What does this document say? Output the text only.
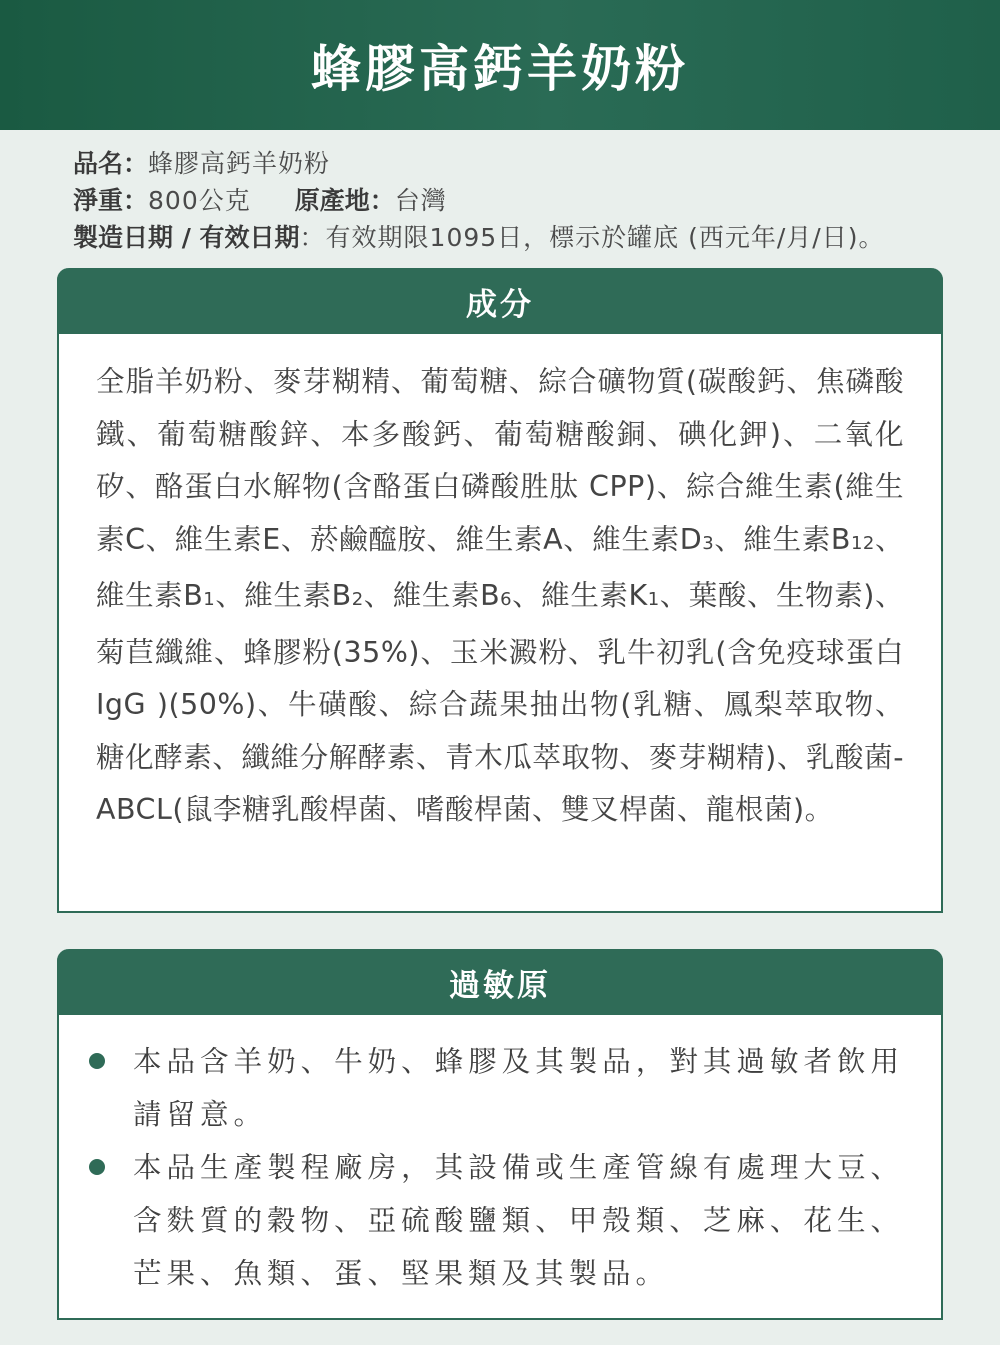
蜂膠高鈣羊奶粉
品名：蜂膠高鈣羊奶粉
淨重：800公克 原產地：台灣
製造日期 / 有效日期：有效期限1095日，標示於罐底 (西元年/月/日)。
成分
全脂羊奶粉、麥芽糊精、葡萄糖、綜合礦物質(碳酸鈣、焦磷酸鐵、葡萄糖酸鋅、本多酸鈣、葡萄糖酸銅、碘化鉀)、二氧化矽、酪蛋白水解物(含酪蛋白磷酸胜肽 CPP)、綜合維生素(維生素C、維生素E、菸鹼醯胺、維生素A、維生素D3、維生素B12、維生素B1、維生素B2、維生素B6、維生素K1、葉酸、生物素)、菊苣纖維、蜂膠粉(35%)、玉米澱粉、乳牛初乳(含免疫球蛋白IgG )(50%)、牛磺酸、綜合蔬果抽出物(乳糖、鳳梨萃取物、糖化酵素、纖維分解酵素、青木瓜萃取物、麥芽糊精)、乳酸菌-ABCL(鼠李糖乳酸桿菌、嗜酸桿菌、雙叉桿菌、龍根菌)。
過敏原
本品含羊奶、牛奶、蜂膠及其製品，對其過敏者飲用請留意。
本品生產製程廠房，其設備或生產管線有處理大豆、含麩質的穀物、亞硫酸鹽類、甲殼類、芝麻、花生、芒果、魚類、蛋、堅果類及其製品。
